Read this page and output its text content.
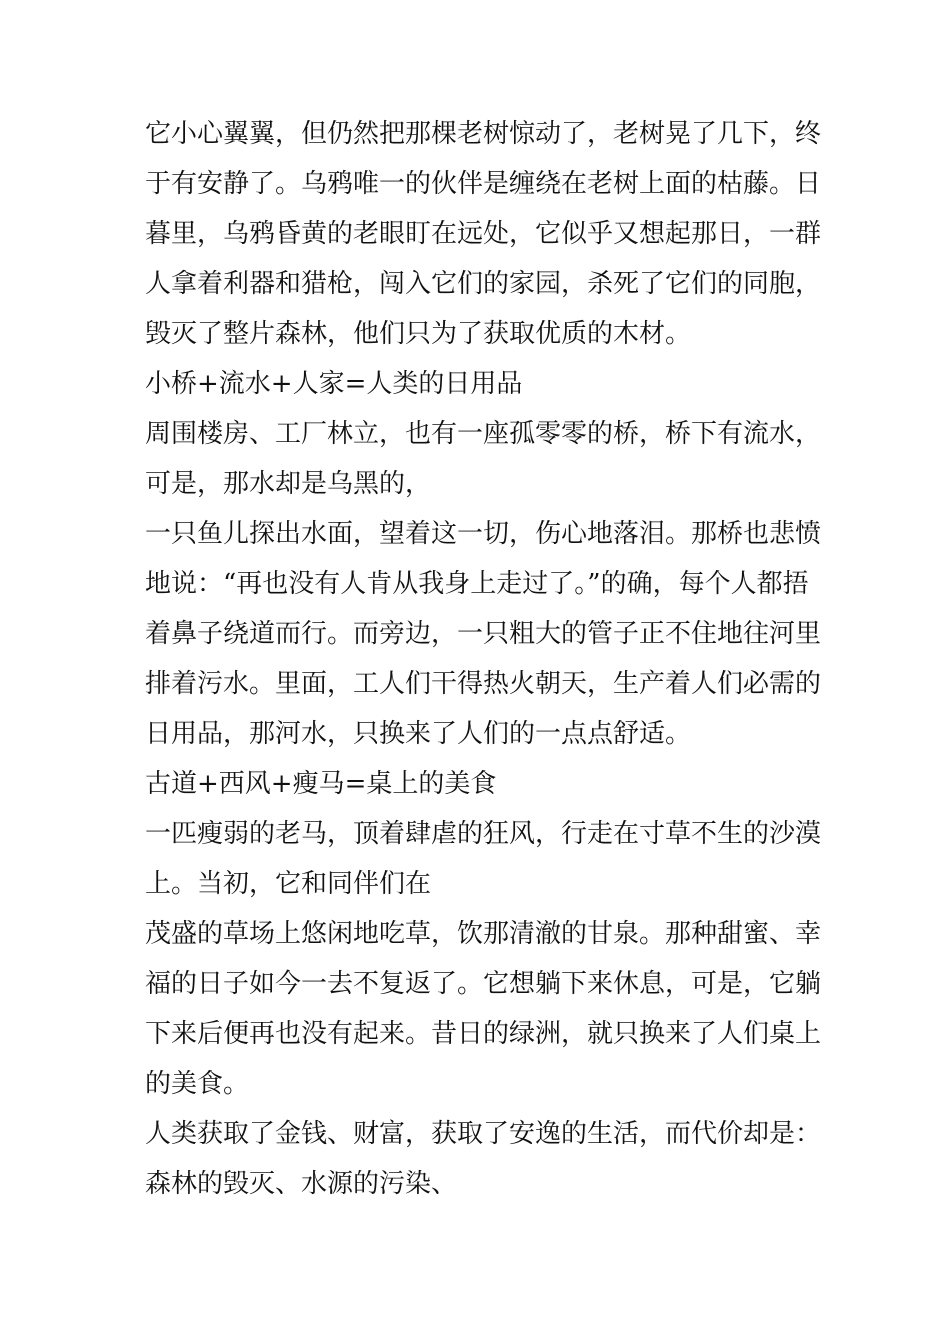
它小心翼翼，但仍然把那棵老树惊动了，老树晃了几下，终
于有安静了。乌鸦唯一的伙伴是缠绕在老树上面的枯藤。日
暮里，乌鸦昏黄的老眼盯在远处，它似乎又想起那日，一群
人拿着利器和猎枪，闯入它们的家园，杀死了它们的同胞，
毁灭了整片森林，他们只为了获取优质的木材。
小桥+流水+人家=人类的日用品
周围楼房、工厂林立，也有一座孤零零的桥，桥下有流水，
可是，那水却是乌黑的，
一只鱼儿探出水面，望着这一切，伤心地落泪。那桥也悲愤
地说：“再也没有人肯从我身上走过了。”的确，每个人都捂
着鼻子绕道而行。而旁边，一只粗大的管子正不住地往河里
排着污水。里面，工人们干得热火朝天，生产着人们必需的
日用品，那河水，只换来了人们的一点点舒适。
古道+西风+瘦马=桌上的美食
一匹瘦弱的老马，顶着肆虐的狂风，行走在寸草不生的沙漠
上。当初，它和同伴们在
茂盛的草场上悠闲地吃草，饮那清澈的甘泉。那种甜蜜、幸
福的日子如今一去不复返了。它想躺下来休息，可是，它躺
下来后便再也没有起来。昔日的绿洲，就只换来了人们桌上
的美食。
人类获取了金钱、财富，获取了安逸的生活，而代价却是：
森林的毁灭、水源的污染、
